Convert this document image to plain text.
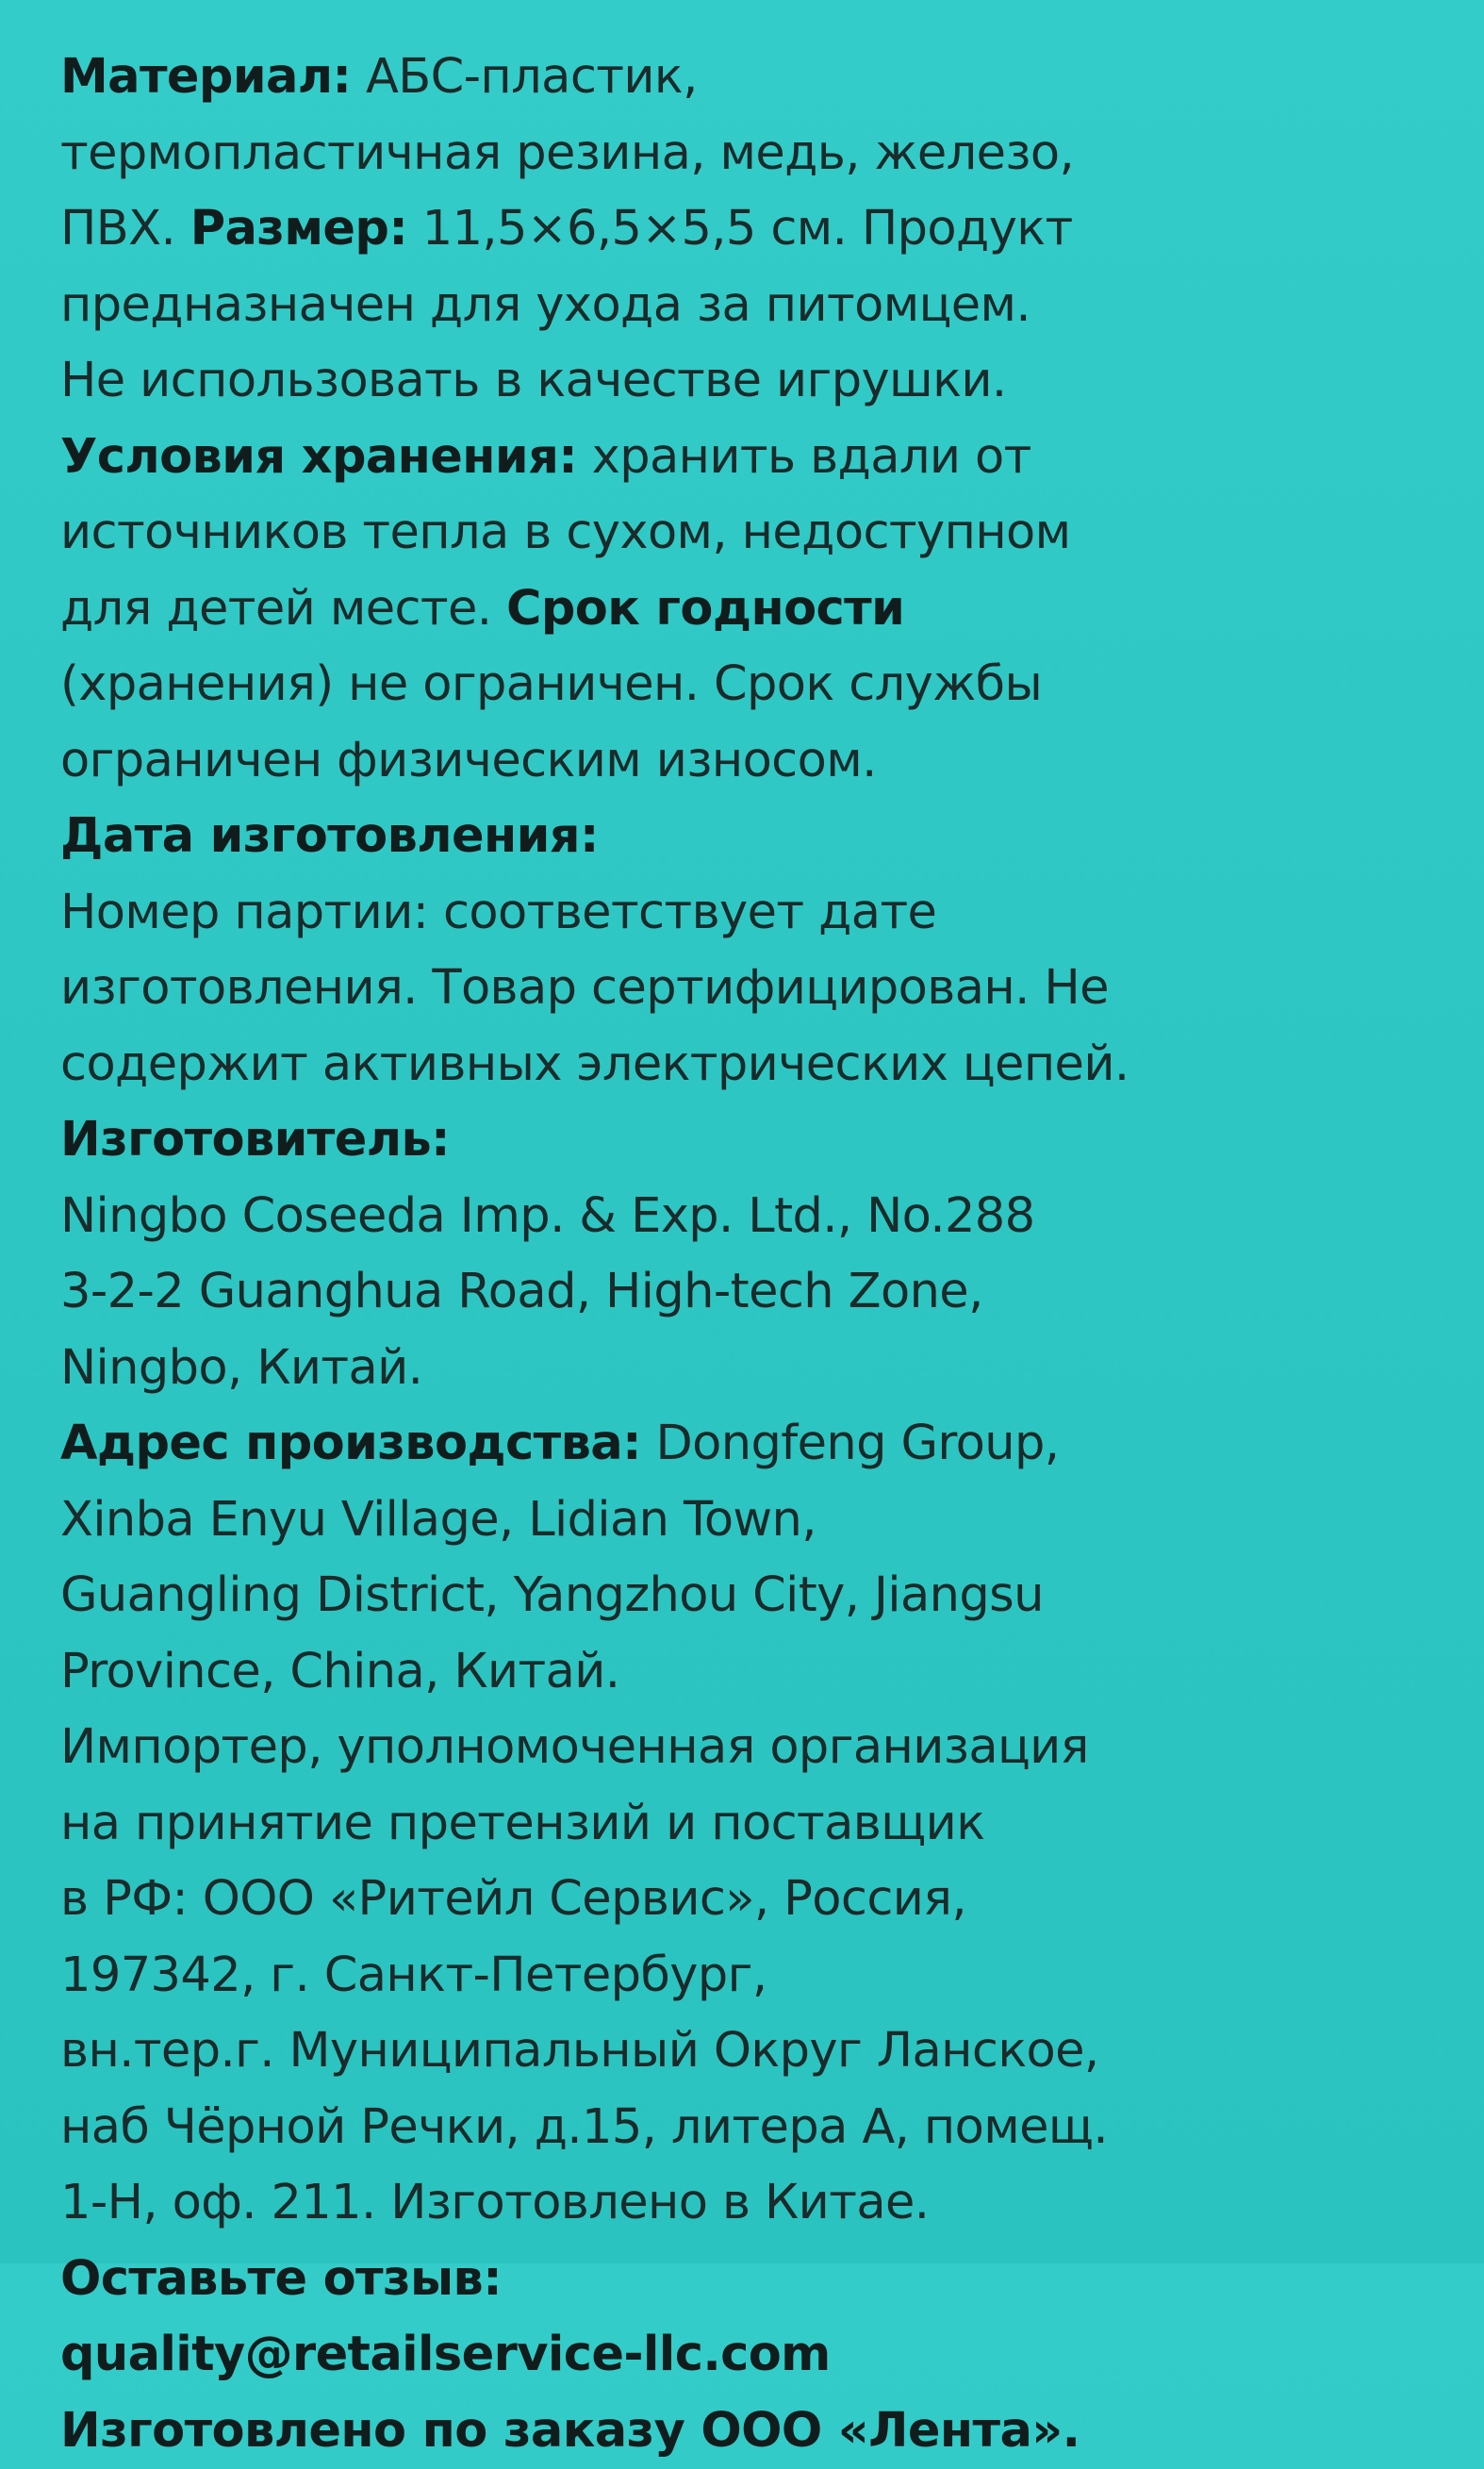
Материал: АБС-пластик,
термопластичная резина, медь, железо,
ПВХ. Размер: 11,5×6,5×5,5 см. Продукт
предназначен для ухода за питомцем.
Не использовать в качестве игрушки.
Условия хранения: хранить вдали от
источников тепла в сухом, недоступном
для детей месте. Срок годности
(хранения) не ограничен. Срок службы
ограничен физическим износом.
Дата изготовления:
Номер партии: соответствует дате
изготовления. Товар сертифицирован. Не
содержит активных электрических цепей.
Изготовитель:
Ningbo Coseeda Imp. & Exp. Ltd., No.288
3-2-2 Guanghua Road, High-tech Zone,
Ningbo, Китай.
Адрес производства: Dongfeng Group,
Xinba Enyu Village, Lidian Town,
Guangling District, Yangzhou City, Jiangsu
Province, China, Китай.
Импортер, уполномоченная организация
на принятие претензий и поставщик
в РФ: ООО «Ритейл Сервис», Россия,
197342, г. Санкт-Петербург,
вн.тер.г. Муниципальный Округ Ланское,
наб Чёрной Речки, д.15, литера А, помещ.
1-Н, оф. 211. Изготовлено в Китае.
Оставьте отзыв:
quality@retailservice-llc.com
Изготовлено по заказу ООО «Лента».
